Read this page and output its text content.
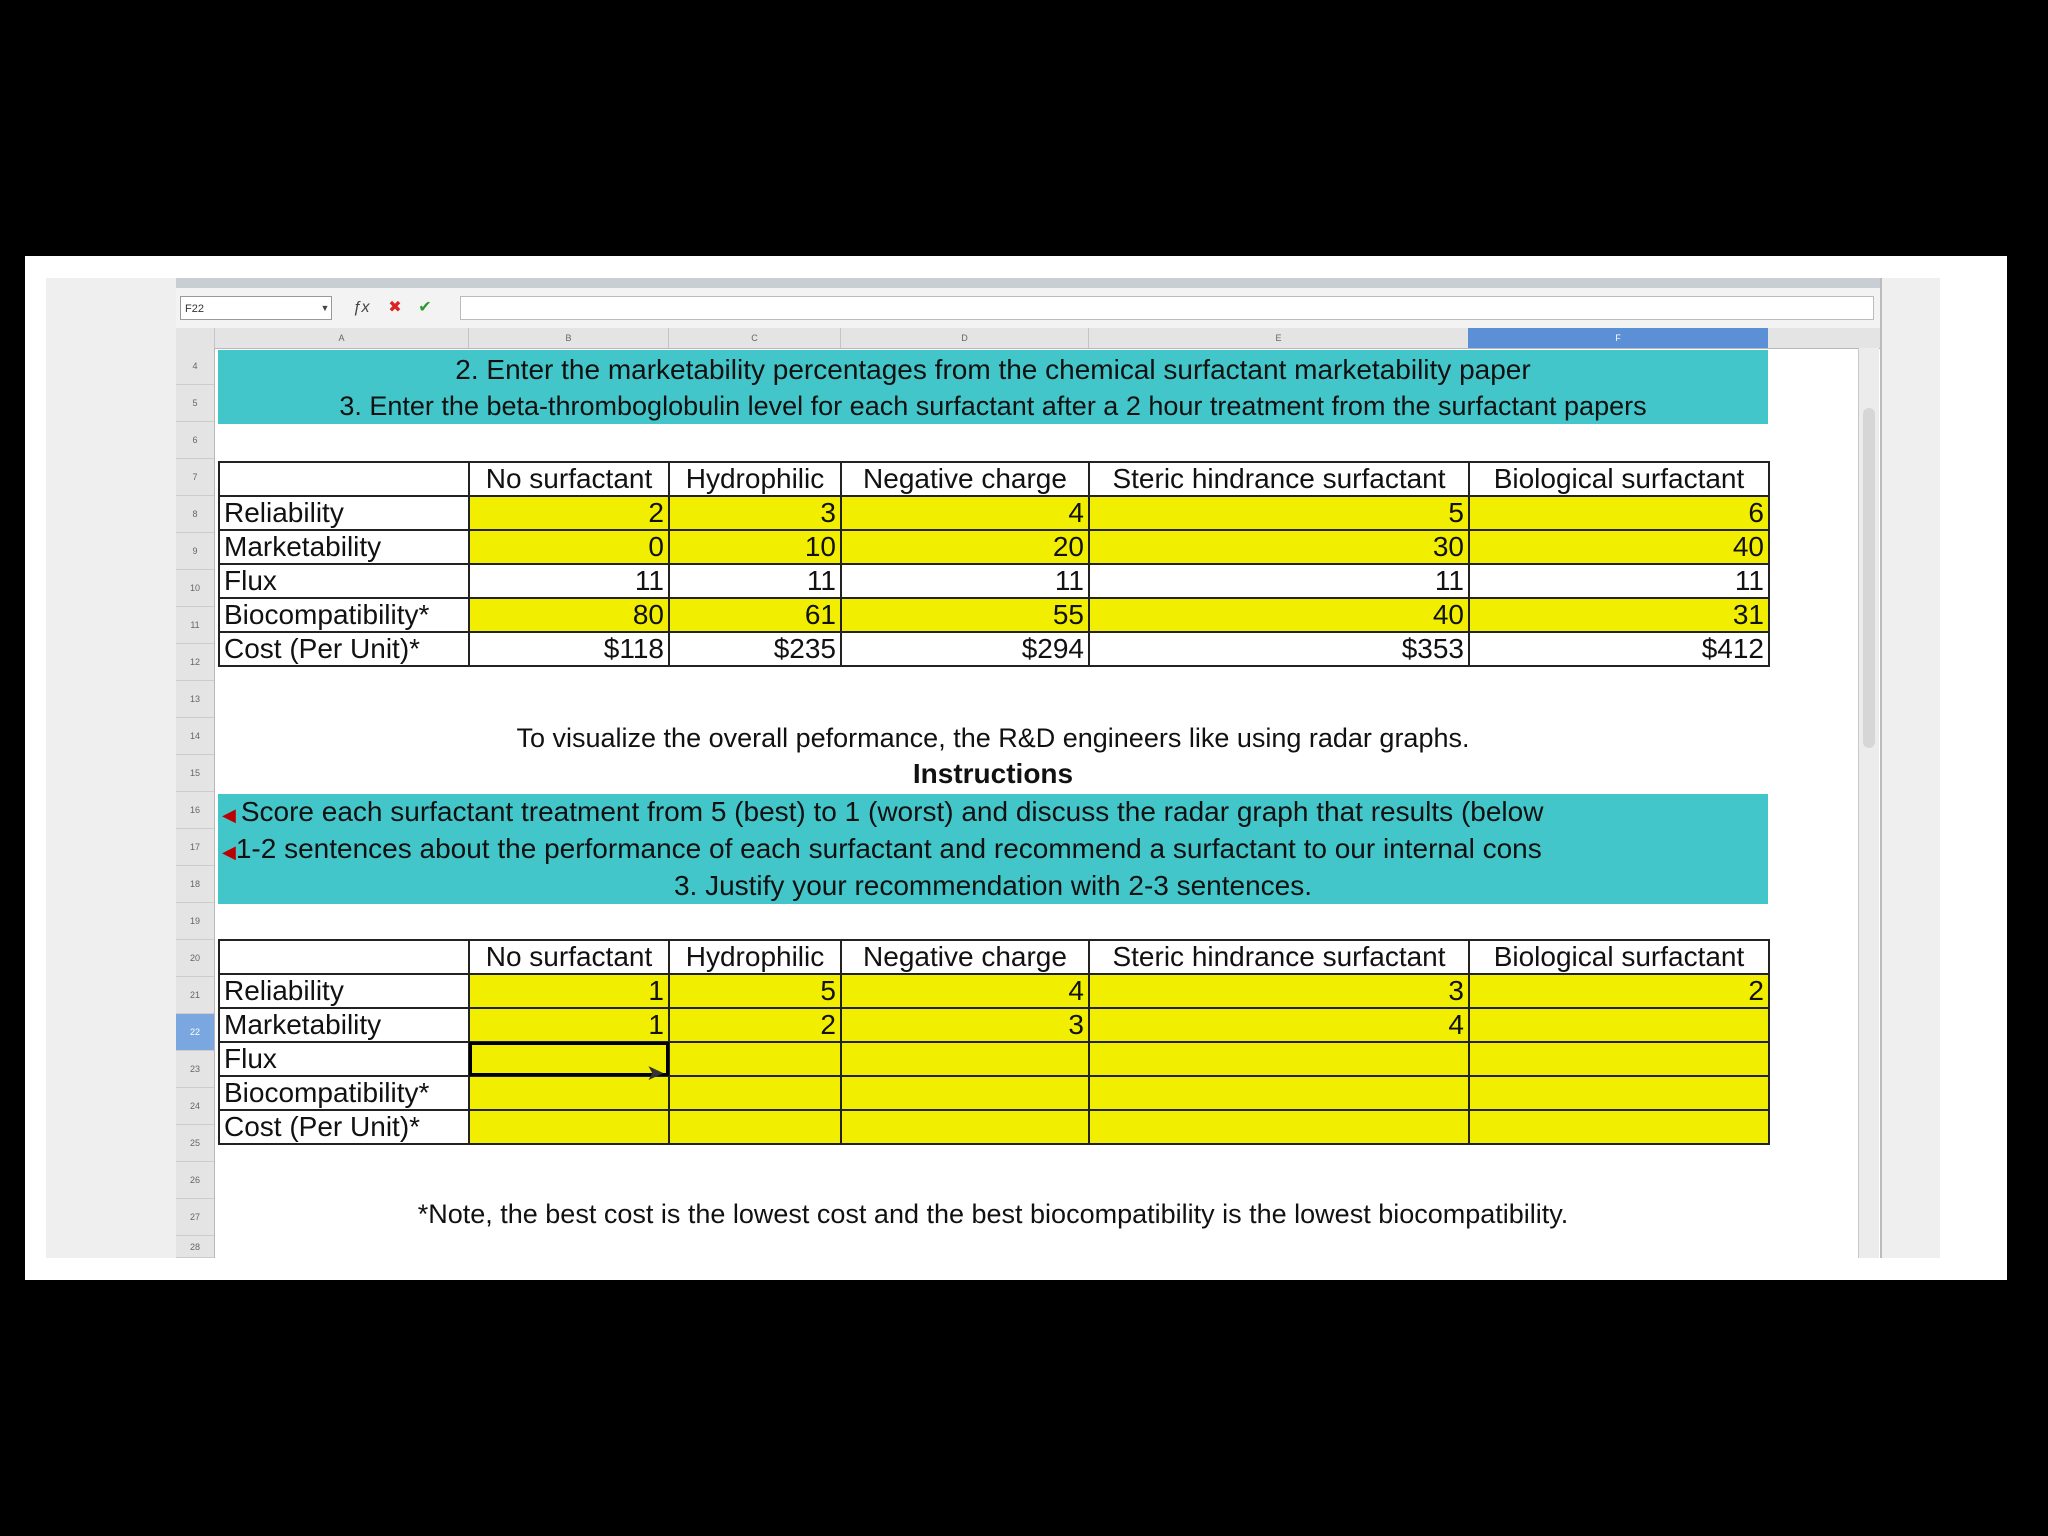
F22	▼ ƒx ✖ ✔
A	B	C	D	E	F
4
5
6
7
8
9
10
11
12
13
14
15
16
17
18
19
20
21
22
23
24
25
26
27
28
2. Enter the marketability percentages from the chemical surfactant marketability paper
3. Enter the beta-thromboglobulin level for each surfactant after a 2 hour treatment from the surfactant papers
	No surfactant	Hydrophilic	Negative charge	Steric hindrance surfactant	Biological surfactant
Reliability	2	3	4	5	6
Marketability	0	10	20	30	40
Flux	11	11	11	11	11
Biocompatibility*	80	61	55	40	31
Cost (Per Unit)*	$118	$235	$294	$353	$412
To visualize the overall peformance, the R&D engineers like using radar graphs.
Instructions
◀ Score each surfactant treatment from 5 (best) to 1 (worst) and discuss the radar graph that results (below
◀1-2 sentences about the performance of each surfactant and recommend a surfactant to our internal cons
3. Justify your recommendation with 2-3 sentences.
	No surfactant	Hydrophilic	Negative charge	Steric hindrance surfactant	Biological surfactant
Reliability	1	5	4	3	2
Marketability	1	2	3	4	
Flux					
Biocompatibility*					
Cost (Per Unit)*					
*Note, the best cost is the lowest cost and the best biocompatibility is the lowest biocompatibility.
➤
